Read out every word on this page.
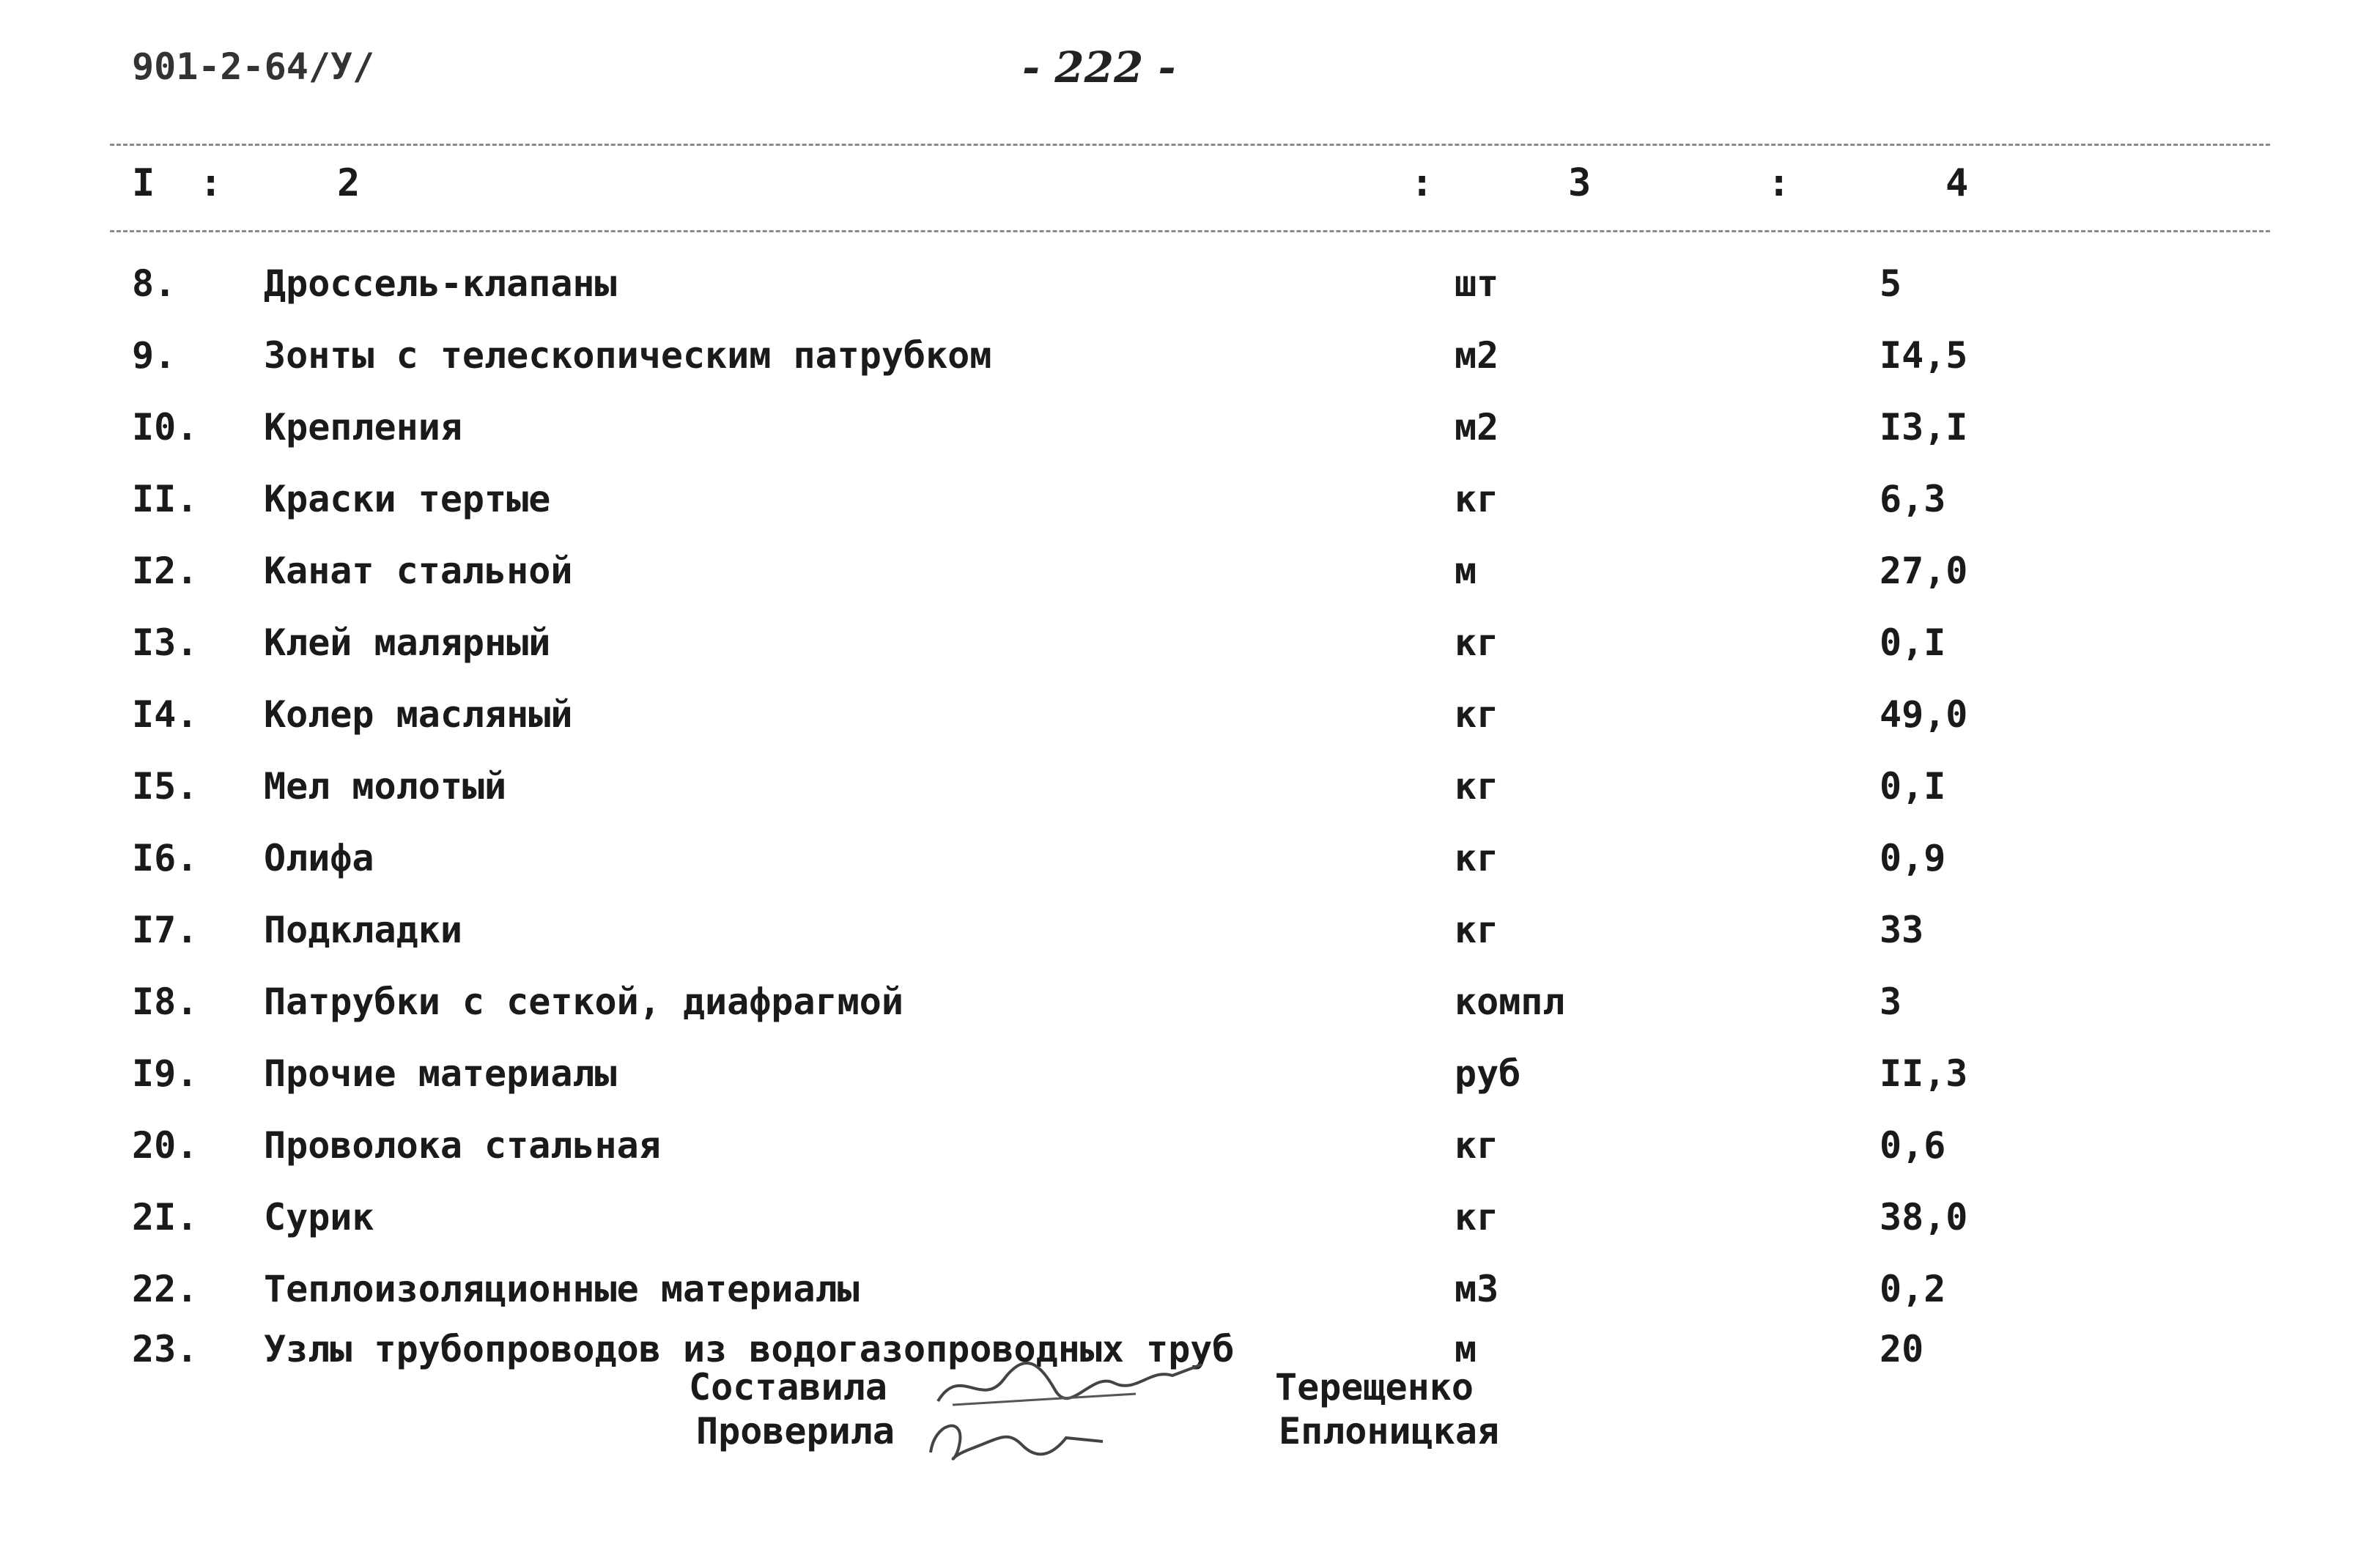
901-2-64/У/	- 222 -
I :	2	:	3	:	4
8. Дроссель-клапаны	шт	5
9. Зонты с телескопическим патрубком	м2	I4,5
I0. Крепления	м2	I3,I
II. Краски тертые	кг	6,3
I2. Канат стальной	м	27,0
I3. Клей малярный	кг	0,I
I4. Колер масляный	кг	49,0
I5. Мел молотый	кг	0,I
I6. Олифа	кг	0,9
I7. Подкладки	кг	33
I8. Патрубки с сеткой, диафрагмой	компл	3
I9. Прочие материалы	руб	II,3
20. Проволока стальная	кг	0,6
2I. Сурик	кг	38,0
22. Теплоизоляционные материалы	м3	0,2
23. Узлы трубопроводов из водогазопроводных труб	м	20
Составила
Проверила
Терещенко
Еплоницкая
